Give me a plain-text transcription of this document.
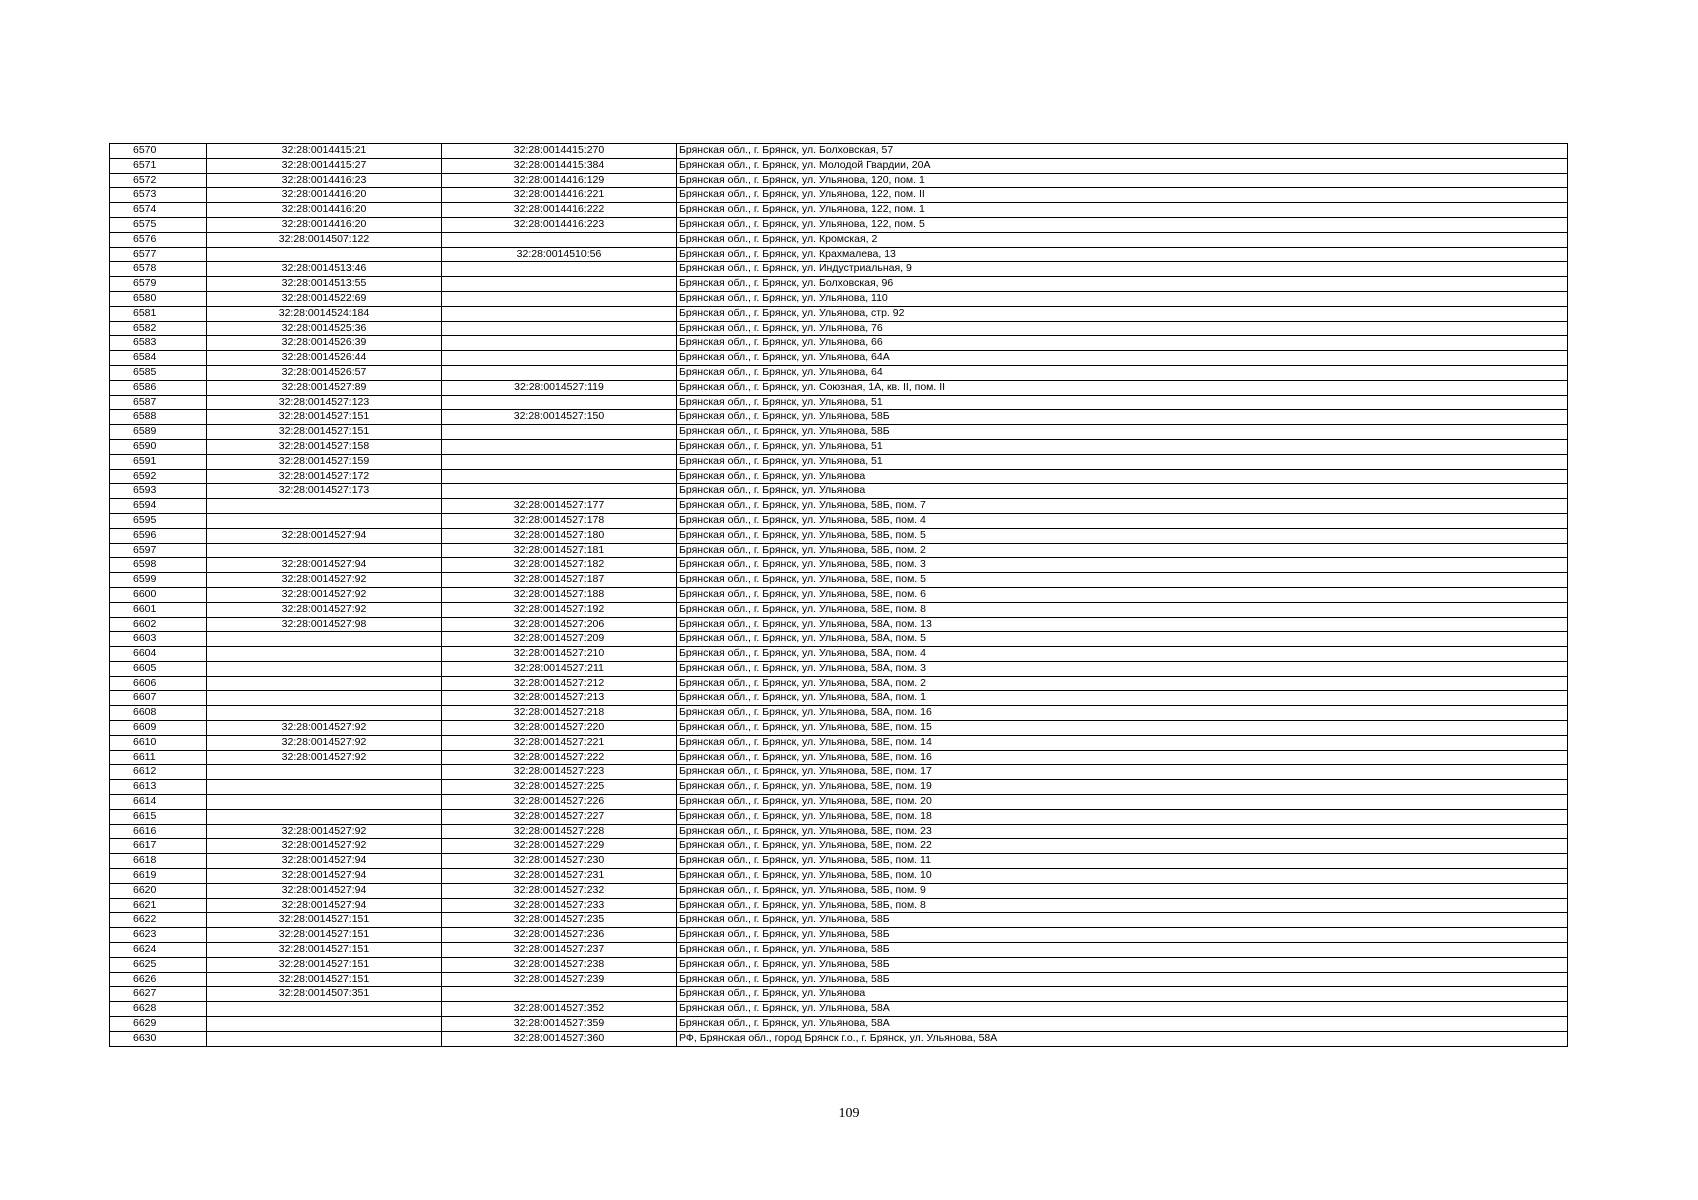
6570	32:28:0014415:21	32:28:0014415:270	Брянская обл., г. Брянск, ул. Болховская, 57
6571	32:28:0014415:27	32:28:0014415:384	Брянская обл., г. Брянск, ул. Молодой Гвардии, 20А
6572	32:28:0014416:23	32:28:0014416:129	Брянская обл., г. Брянск, ул. Ульянова, 120, пом. 1
6573	32:28:0014416:20	32:28:0014416:221	Брянская обл., г. Брянск, ул. Ульянова, 122, пом. II
6574	32:28:0014416:20	32:28:0014416:222	Брянская обл., г. Брянск, ул. Ульянова, 122, пом. 1
6575	32:28:0014416:20	32:28:0014416:223	Брянская обл., г. Брянск, ул. Ульянова, 122, пом. 5
6576	32:28:0014507:122		Брянская обл., г. Брянск, ул. Кромская, 2
6577		32:28:0014510:56	Брянская обл., г. Брянск, ул. Крахмалева, 13
6578	32:28:0014513:46		Брянская обл., г. Брянск, ул. Индустриальная, 9
6579	32:28:0014513:55		Брянская обл., г. Брянск, ул. Болховская, 96
6580	32:28:0014522:69		Брянская обл., г. Брянск, ул. Ульянова, 110
6581	32:28:0014524:184		Брянская обл., г. Брянск, ул. Ульянова, стр. 92
6582	32:28:0014525:36		Брянская обл., г. Брянск, ул. Ульянова, 76
6583	32:28:0014526:39		Брянская обл., г. Брянск, ул. Ульянова, 66
6584	32:28:0014526:44		Брянская обл., г. Брянск, ул. Ульянова, 64А
6585	32:28:0014526:57		Брянская обл., г. Брянск, ул. Ульянова, 64
6586	32:28:0014527:89	32:28:0014527:119	Брянская обл., г. Брянск, ул. Союзная, 1А, кв. II, пом. II
6587	32:28:0014527:123		Брянская обл., г. Брянск, ул. Ульянова, 51
6588	32:28:0014527:151	32:28:0014527:150	Брянская обл., г. Брянск, ул. Ульянова, 58Б
6589	32:28:0014527:151		Брянская обл., г. Брянск, ул. Ульянова, 58Б
6590	32:28:0014527:158		Брянская обл., г. Брянск, ул. Ульянова, 51
6591	32:28:0014527:159		Брянская обл., г. Брянск, ул. Ульянова, 51
6592	32:28:0014527:172		Брянская обл., г. Брянск, ул. Ульянова
6593	32:28:0014527:173		Брянская обл., г. Брянск, ул. Ульянова
6594		32:28:0014527:177	Брянская обл., г. Брянск, ул. Ульянова, 58Б, пом. 7
6595		32:28:0014527:178	Брянская обл., г. Брянск, ул. Ульянова, 58Б, пом. 4
6596	32:28:0014527:94	32:28:0014527:180	Брянская обл., г. Брянск, ул. Ульянова, 58Б, пом. 5
6597		32:28:0014527:181	Брянская обл., г. Брянск, ул. Ульянова, 58Б, пом. 2
6598	32:28:0014527:94	32:28:0014527:182	Брянская обл., г. Брянск, ул. Ульянова, 58Б, пом. 3
6599	32:28:0014527:92	32:28:0014527:187	Брянская обл., г. Брянск, ул. Ульянова, 58Е, пом. 5
6600	32:28:0014527:92	32:28:0014527:188	Брянская обл., г. Брянск, ул. Ульянова, 58Е, пом. 6
6601	32:28:0014527:92	32:28:0014527:192	Брянская обл., г. Брянск, ул. Ульянова, 58Е, пом. 8
6602	32:28:0014527:98	32:28:0014527:206	Брянская обл., г. Брянск, ул. Ульянова, 58А, пом. 13
6603		32:28:0014527:209	Брянская обл., г. Брянск, ул. Ульянова, 58А, пом. 5
6604		32:28:0014527:210	Брянская обл., г. Брянск, ул. Ульянова, 58А, пом. 4
6605		32:28:0014527:211	Брянская обл., г. Брянск, ул. Ульянова, 58А, пом. 3
6606		32:28:0014527:212	Брянская обл., г. Брянск, ул. Ульянова, 58А, пом. 2
6607		32:28:0014527:213	Брянская обл., г. Брянск, ул. Ульянова, 58А, пом. 1
6608		32:28:0014527:218	Брянская обл., г. Брянск, ул. Ульянова, 58А, пом. 16
6609	32:28:0014527:92	32:28:0014527:220	Брянская обл., г. Брянск, ул. Ульянова, 58Е, пом. 15
6610	32:28:0014527:92	32:28:0014527:221	Брянская обл., г. Брянск, ул. Ульянова, 58Е, пом. 14
6611	32:28:0014527:92	32:28:0014527:222	Брянская обл., г. Брянск, ул. Ульянова, 58Е, пом. 16
6612		32:28:0014527:223	Брянская обл., г. Брянск, ул. Ульянова, 58Е, пом. 17
6613		32:28:0014527:225	Брянская обл., г. Брянск, ул. Ульянова, 58Е, пом. 19
6614		32:28:0014527:226	Брянская обл., г. Брянск, ул. Ульянова, 58Е, пом. 20
6615		32:28:0014527:227	Брянская обл., г. Брянск, ул. Ульянова, 58Е, пом. 18
6616	32:28:0014527:92	32:28:0014527:228	Брянская обл., г. Брянск, ул. Ульянова, 58Е, пом. 23
6617	32:28:0014527:92	32:28:0014527:229	Брянская обл., г. Брянск, ул. Ульянова, 58Е, пом. 22
6618	32:28:0014527:94	32:28:0014527:230	Брянская обл., г. Брянск, ул. Ульянова, 58Б, пом. 11
6619	32:28:0014527:94	32:28:0014527:231	Брянская обл., г. Брянск, ул. Ульянова, 58Б, пом. 10
6620	32:28:0014527:94	32:28:0014527:232	Брянская обл., г. Брянск, ул. Ульянова, 58Б, пом. 9
6621	32:28:0014527:94	32:28:0014527:233	Брянская обл., г. Брянск, ул. Ульянова, 58Б, пом. 8
6622	32:28:0014527:151	32:28:0014527:235	Брянская обл., г. Брянск, ул. Ульянова, 58Б
6623	32:28:0014527:151	32:28:0014527:236	Брянская обл., г. Брянск, ул. Ульянова, 58Б
6624	32:28:0014527:151	32:28:0014527:237	Брянская обл., г. Брянск, ул. Ульянова, 58Б
6625	32:28:0014527:151	32:28:0014527:238	Брянская обл., г. Брянск, ул. Ульянова, 58Б
6626	32:28:0014527:151	32:28:0014527:239	Брянская обл., г. Брянск, ул. Ульянова, 58Б
6627	32:28:0014507:351		Брянская обл., г. Брянск, ул. Ульянова
6628		32:28:0014527:352	Брянская обл., г. Брянск, ул. Ульянова, 58А
6629		32:28:0014527:359	Брянская обл., г. Брянск, ул. Ульянова, 58А
6630		32:28:0014527:360	РФ, Брянская обл., город Брянск г.о., г. Брянск, ул. Ульянова, 58А
109
